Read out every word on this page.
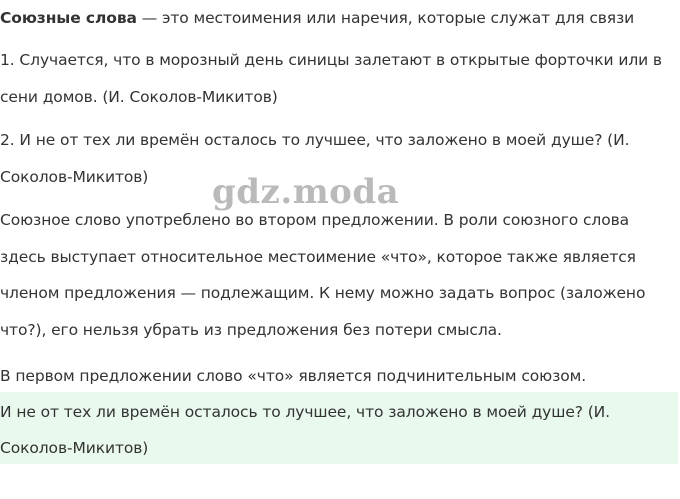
Союзные слова — это местоимения или наречия, которые служат для связи

1. Случается, что в морозный день синицы залетают в открытые форточки или в сени домов. (И. Соколов-Микитов)

2. И не от тех ли времён осталось то лучшее, что заложено в моей душе? (И. Соколов-Микитов)

Союзное слово употреблено во втором предложении. В роли союзного слова здесь выступает относительное местоимение «что», которое также является членом предложения — подлежащим. К нему можно задать вопрос (заложено что?), его нельзя убрать из предложения без потери смысла.

В первом предложении слово «что» является подчинительным союзом.

И не от тех ли времён осталось то лучшее, что заложено в моей душе? (И. Соколов-Микитов)

gdz.moda
